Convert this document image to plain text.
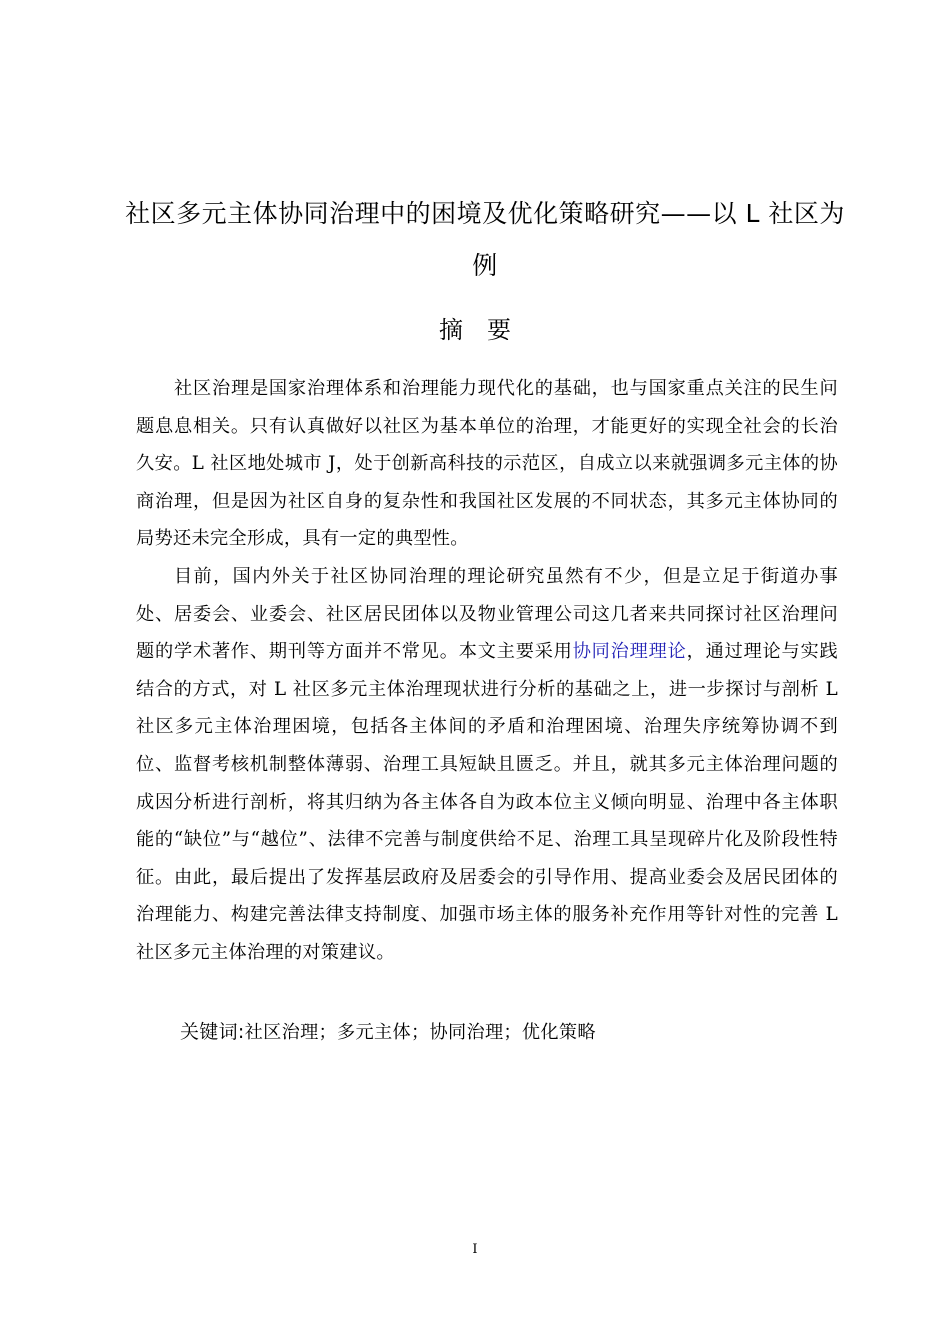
社区多元主体协同治理中的困境及优化策略研究——以 L 社区为例
摘要

社区治理是国家治理体系和治理能力现代化的基础，也与国家重点关注的民生问题息息相关。只有认真做好以社区为基本单位的治理，才能更好的实现全社会的长治久安。L 社区地处城市 J，处于创新高科技的示范区，自成立以来就强调多元主体的协商治理，但是因为社区自身的复杂性和我国社区发展的不同状态，其多元主体协同的局势还未完全形成，具有一定的典型性。

目前，国内外关于社区协同治理的理论研究虽然有不少，但是立足于街道办事处、居委会、业委会、社区居民团体以及物业管理公司这几者来共同探讨社区治理问题的学术著作、期刊等方面并不常见。本文主要采用协同治理理论，通过理论与实践结合的方式，对 L 社区多元主体治理现状进行分析的基础之上，进一步探讨与剖析 L 社区多元主体治理困境，包括各主体间的矛盾和治理困境、治理失序统筹协调不到位、监督考核机制整体薄弱、治理工具短缺且匮乏。并且，就其多元主体治理问题的成因分析进行剖析，将其归纳为各主体各自为政本位主义倾向明显、治理中各主体职能的“缺位”与“越位”、法律不完善与制度供给不足、治理工具呈现碎片化及阶段性特征。由此，最后提出了发挥基层政府及居委会的引导作用、提高业委会及居民团体的治理能力、构建完善法律支持制度、加强市场主体的服务补充作用等针对性的完善 L 社区多元主体治理的对策建议。

关键词:社区治理；多元主体；协同治理；优化策略

I
